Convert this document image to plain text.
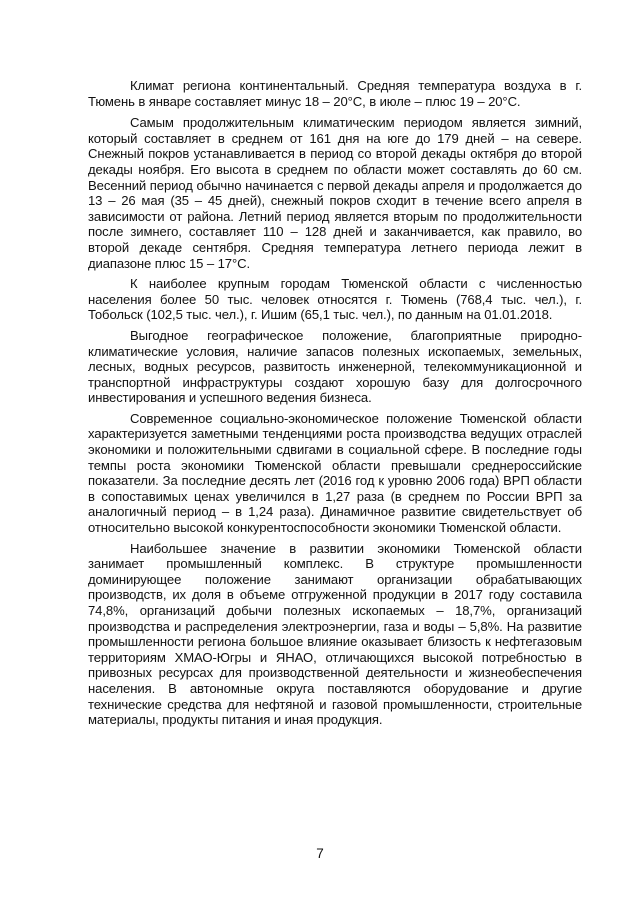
Климат региона континентальный. Средняя температура воздуха в г. Тюмень в январе составляет минус 18 – 20°С, в июле – плюс 19 – 20°С.

Самым продолжительным климатическим периодом является зимний, который составляет в среднем от 161 дня на юге до 179 дней – на севере. Снежный покров устанавливается в период со второй декады октября до второй декады ноября. Его высота в среднем по области может составлять до 60 см. Весенний период обычно начинается с первой декады апреля и продолжается до 13 – 26 мая (35 – 45 дней), снежный покров сходит в течение всего апреля в зависимости от района. Летний период является вторым по продолжительности после зимнего, составляет 110 – 128 дней и заканчивается, как правило, во второй декаде сентября. Средняя температура летнего периода лежит в диапазоне плюс 15 – 17°С.

К наиболее крупным городам Тюменской области с численностью населения более 50 тыс. человек относятся г. Тюмень (768,4 тыс. чел.), г. Тобольск (102,5 тыс. чел.), г. Ишим (65,1 тыс. чел.), по данным на 01.01.2018.

Выгодное географическое положение, благоприятные природно-климатические условия, наличие запасов полезных ископаемых, земельных, лесных, водных ресурсов, развитость инженерной, телекоммуникационной и транспортной инфраструктуры создают хорошую базу для долгосрочного инвестирования и успешного ведения бизнеса.

Современное социально-экономическое положение Тюменской области характеризуется заметными тенденциями роста производства ведущих отраслей экономики и положительными сдвигами в социальной сфере. В последние годы темпы роста экономики Тюменской области превышали среднероссийские показатели. За последние десять лет (2016 год к уровню 2006 года) ВРП области в сопоставимых ценах увеличился в 1,27 раза (в среднем по России ВРП за аналогичный период – в 1,24 раза). Динамичное развитие свидетельствует об относительно высокой конкурентоспособности экономики Тюменской области.

Наибольшее значение в развитии экономики Тюменской области занимает промышленный комплекс. В структуре промышленности доминирующее положение занимают организации обрабатывающих производств, их доля в объеме отгруженной продукции в 2017 году составила 74,8%, организаций добычи полезных ископаемых – 18,7%, организаций производства и распределения электроэнергии, газа и воды – 5,8%. На развитие промышленности региона большое влияние оказывает близость к нефтегазовым территориям ХМАО-Югры и ЯНАО, отличающихся высокой потребностью в привозных ресурсах для производственной деятельности и жизнеобеспечения населения. В автономные округа поставляются оборудование и другие технические средства для нефтяной и газовой промышленности, строительные материалы, продукты питания и иная продукция.

7
